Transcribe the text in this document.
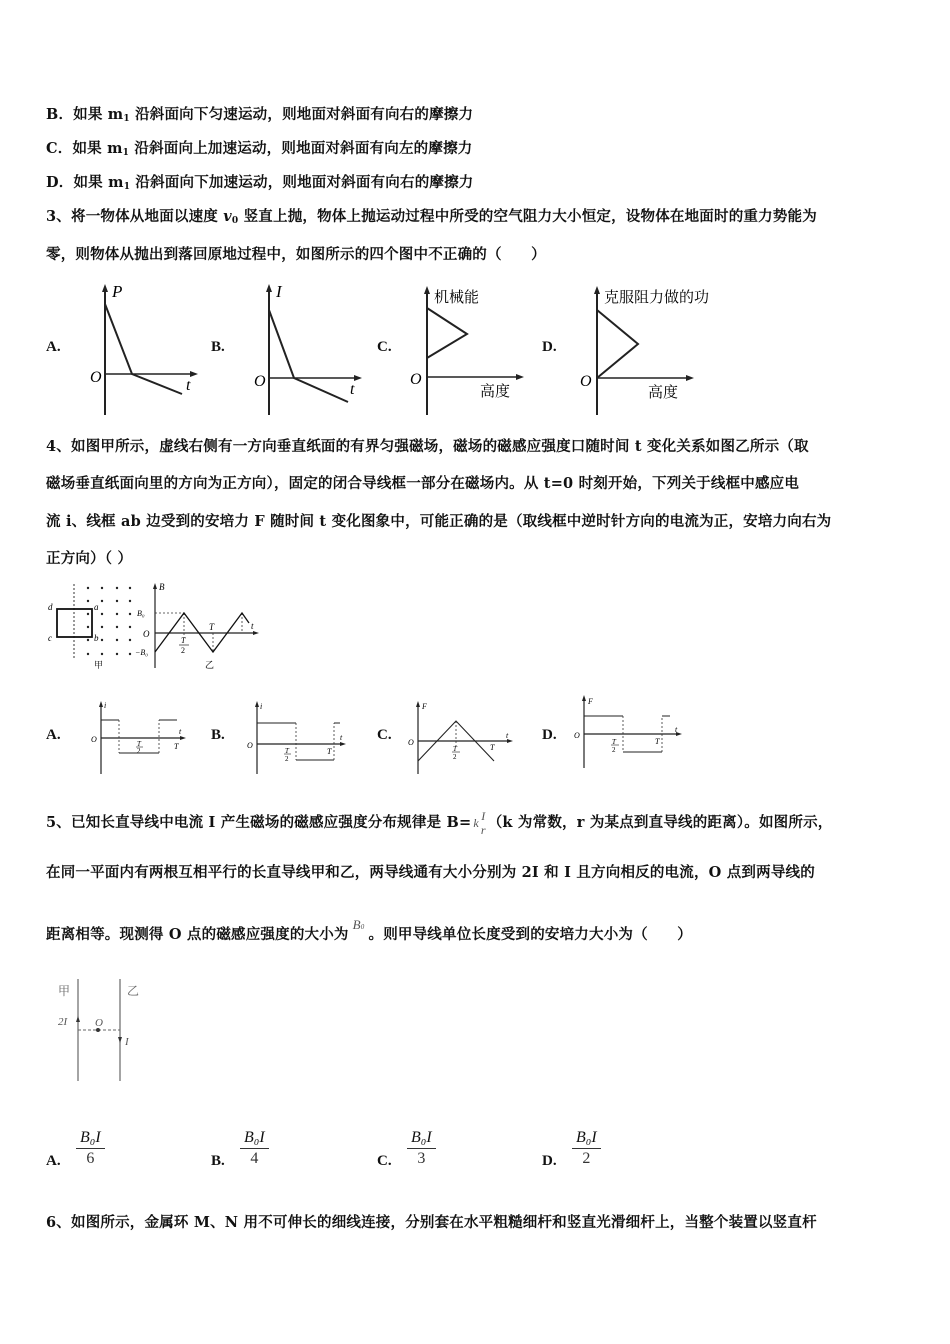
B．如果 $m_1$ 沿斜面向下匀速运动，则地面对斜面有向右的摩擦力
C．如果 $m_1$ 沿斜面向上加速运动，则地面对斜面有向左的摩擦力
D．如果 $m_1$ 沿斜面向下加速运动，则地面对斜面有向右的摩擦力
3、将一物体从地面以速度 $v_0$ 竖直上抛，物体上抛运动过程中所受的空气阻力大小恒定，设物体在地面时的重力势能为
零，则物体从抛出到落回原地过程中，如图所示的四个图中不正确的（　　）
A.
P
O	t
B.
I
O	t
C.
机械能
O
高度
D.
克服阻力做的功
O
高度
4、如图甲所示，虚线右侧有一方向垂直纸面的有界匀强磁场，磁场的磁感应强度口随时间 t 变化关系如图乙所示（取
磁场垂直纸面向里的方向为正方向），固定的闭合导线框一部分在磁场内。从 t=0 时刻开始，下列关于线框中感应电
流 i、线框 ab 边受到的安培力 F 随时间 t 变化图象中，可能正确的是（取线框中逆时针方向的电流为正，安培力向右为
正方向）（ ）
d	a
c	b
甲
B
B₀
O
−B₀
T
2
T	t
乙
A.
i
O	T
2	T
t B.
i
O
T
2
T
t C.
F
O
T
2
T
t D.
F
O
T
2
T
t
5、已知长直导线中电流 I 产生磁场的磁感应强度分布规律是 B= k I
r （k 为常数，r 为某点到直导线的距离）。如图所示，
在同一平面内有两根互相平行的长直导线甲和乙，两导线通有大小分别为 2I 和 I 且方向相反的电流，O 点到两导线的
距离相等。现测得 O 点的磁感应强度的大小为B0 。则甲导线单位长度受到的安培力大小为（　　）
甲	乙
2I	O
I
A. $\frac{\text{B₀I}}{6}$	B. $\frac{\text{B₀I}}{4}$	C. $\frac{\text{B₀I}}{3}$	D. $\frac{\text{B₀I}}{2}$
6、如图所示，金属环 M、N 用不可伸长的细线连接，分别套在水平粗糙细杆和竖直光滑细杆上，当整个装置以竖直杆
